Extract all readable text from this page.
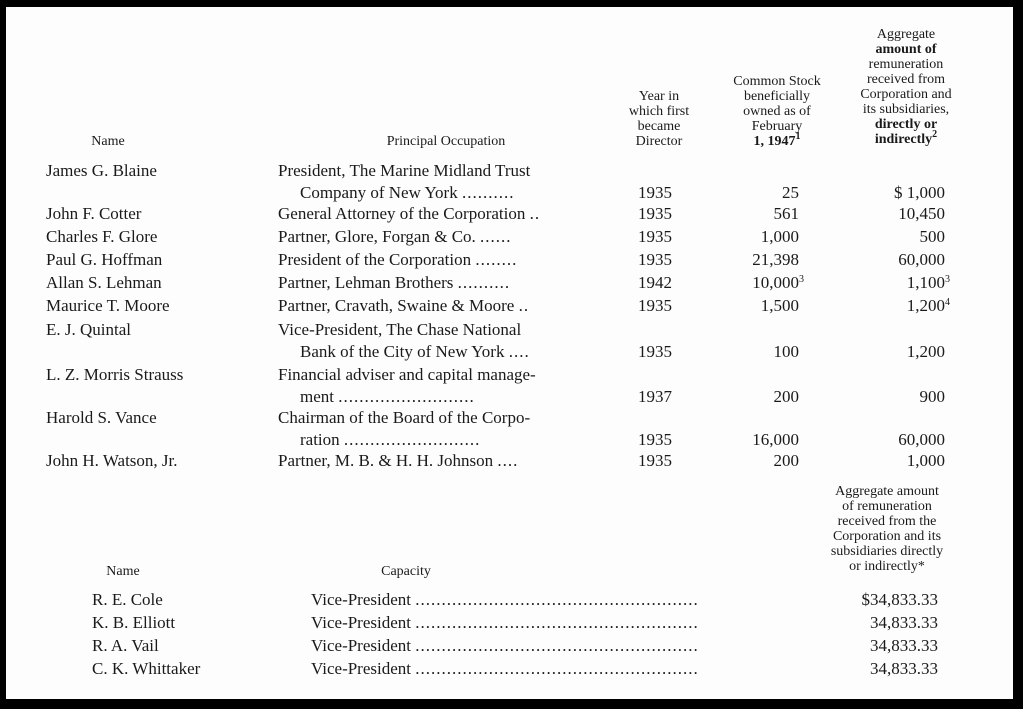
Name	Principal Occupation
Year in
which first
became
Director
Common Stock
beneficially
owned as of
February
1, 1947$^1$
Aggregate
amount of
remuneration
received from
Corporation and
its subsidiaries,
directly or
indirectly$^2$
James G. Blaine	President, The Marine Midland Trust
Company of New York ..........	1935	25	$ 1,000
John F. Cotter	General Attorney of the Corporation ..	1935	561	10,450
Charles F. Glore	Partner, Glore, Forgan & Co. ......	1935	1,000	500
Paul G. Hoffman	President of the Corporation ........	1935	21,398	60,000
Allan S. Lehman	Partner, Lehman Brothers ..........	1942	10,000$^3$	1,100$^3$
Maurice T. Moore	Partner, Cravath, Swaine & Moore ..	1935	1,500	1,200$^4$
E. J. Quintal	Vice-President, The Chase National
Bank of the City of New York ....	1935	100	1,200
L. Z. Morris Strauss	Financial adviser and capital manage-
ment ..........................	1937	200	900
Harold S. Vance	Chairman of the Board of the Corpo-
ration ..........................	1935	16,000	60,000
John H. Watson, Jr.	Partner, M. B. & H. H. Johnson ....	1935	200	1,000
Name	Capacity
Aggregate amount
of remuneration
received from the
Corporation and its
subsidiaries directly
or indirectly*
R. E. Cole	Vice-President ......................................................	$34,833.33
K. B. Elliott	Vice-President ......................................................	34,833.33
R. A. Vail	Vice-President ......................................................	34,833.33
C. K. Whittaker	Vice-President ......................................................	34,833.33
